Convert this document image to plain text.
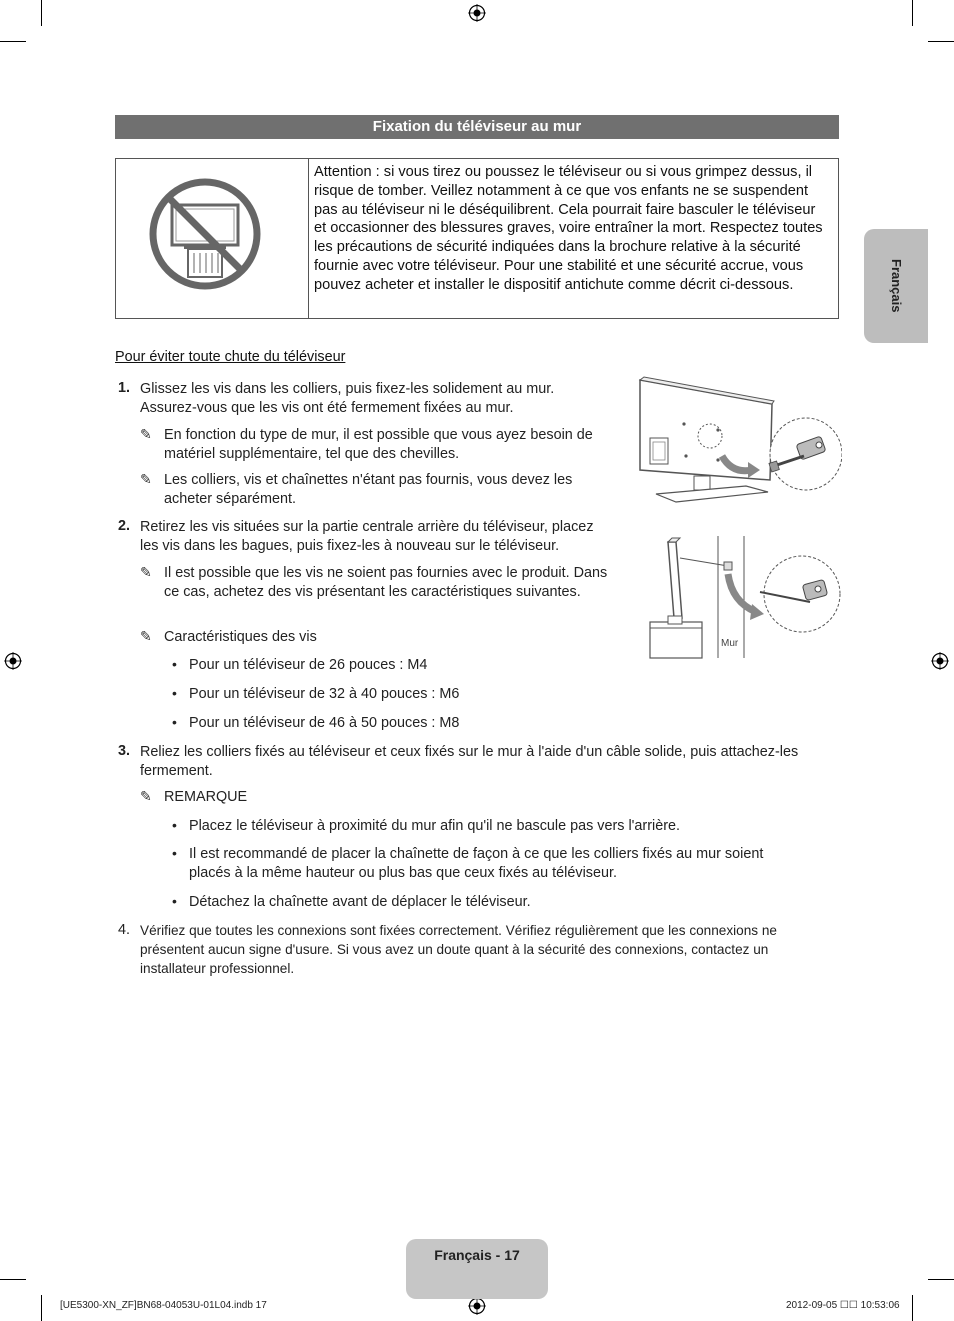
Fixation du téléviseur au mur
Attention : si vous tirez ou poussez le téléviseur ou si vous grimpez dessus, il risque de tomber. Veillez notamment à ce que vos enfants ne se suspendent pas au téléviseur ni le déséquilibrent. Cela pourrait faire basculer le téléviseur et occasionner des blessures graves, voire entraîner la mort. Respectez toutes les précautions de sécurité indiquées dans la brochure relative à la sécurité fournie avec votre téléviseur. Pour une stabilité et une sécurité accrue, vous pouvez acheter et installer le dispositif antichute comme décrit ci-dessous.	Français
Pour éviter toute chute du téléviseur
1. Glissez les vis dans les colliers, puis fixez-les solidement au mur. Assurez-vous que les vis ont été fermement fixées au mur.
✎ En fonction du type de mur, il est possible que vous ayez besoin de matériel supplémentaire, tel que des chevilles.
✎ Les colliers, vis et chaînettes n'étant pas fournis, vous devez les acheter séparément.
2. Retirez les vis situées sur la partie centrale arrière du téléviseur, placez les vis dans les bagues, puis fixez-les à nouveau sur le téléviseur.
✎ Il est possible que les vis ne soient pas fournies avec le produit. Dans ce cas, achetez des vis présentant les caractéristiques suivantes.
✎ Caractéristiques des vis
• Pour un téléviseur de 26 pouces : M4
• Pour un téléviseur de 32 à 40 pouces : M6
• Pour un téléviseur de 46 à 50 pouces : M8
3. Reliez les colliers fixés au téléviseur et ceux fixés sur le mur à l'aide d'un câble solide, puis attachez-les fermement.
✎ REMARQUE
• Placez le téléviseur à proximité du mur afin qu'il ne bascule pas vers l'arrière.
• Il est recommandé de placer la chaînette de façon à ce que les colliers fixés au mur soient placés à la même hauteur ou plus bas que ceux fixés au téléviseur.
• Détachez la chaînette avant de déplacer le téléviseur.
4. Vérifiez que toutes les connexions sont fixées correctement. Vérifiez régulièrement que les connexions ne présentent aucun signe d'usure. Si vous avez un doute quant à la sécurité des connexions, contactez un installateur professionnel.
Mur
Français - 17
[UE5300-XN_ZF]BN68-04053U-01L04.indb 17	2012-09-05 ☐☐ 10:53:06
